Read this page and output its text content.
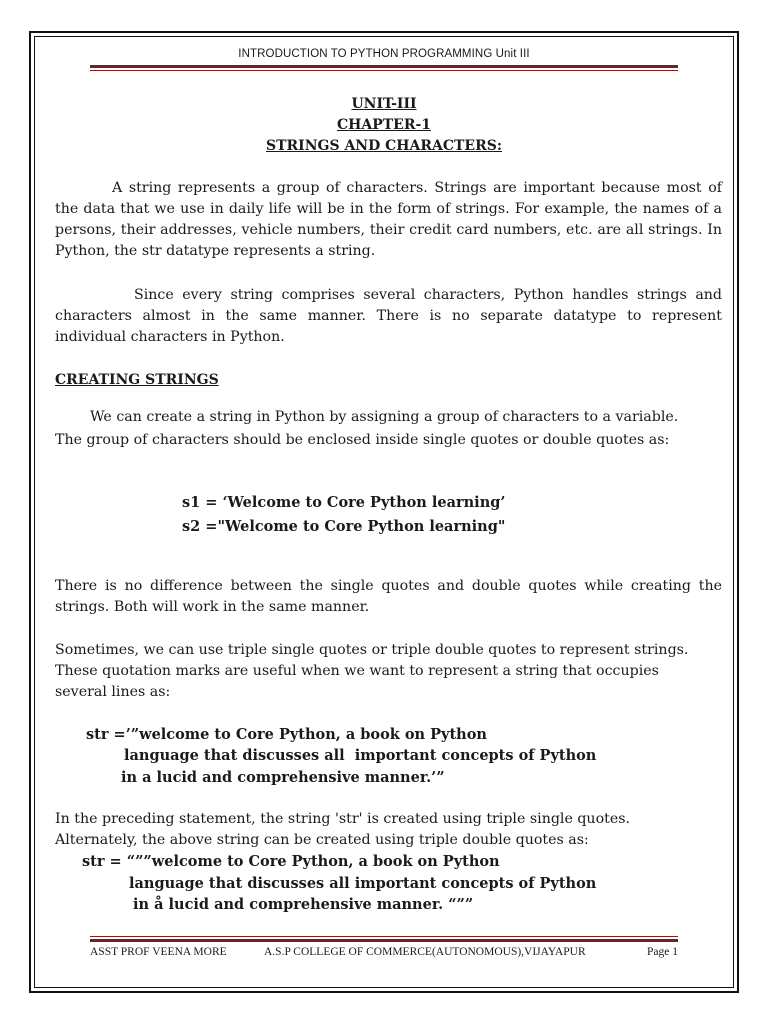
INTRODUCTION TO PYTHON PROGRAMMING Unit III
UNIT-III
CHAPTER-1
STRINGS AND CHARACTERS:
A string represents a group of characters. Strings are important because most of the data that we use in daily life will be in the form of strings. For example, the names of a persons, their addresses, vehicle numbers, their credit card numbers, etc. are all strings. In Python, the str datatype represents a string.
Since every string comprises several characters, Python handles strings and characters almost in the same manner. There is no separate datatype to represent individual characters in Python.
CREATING STRINGS
We can create a string in Python by assigning a group of characters to a variable.
The group of characters should be enclosed inside single quotes or double quotes as:
s1 = ‘Welcome to Core Python learning’
s2 ="Welcome to Core Python learning"
There is no difference between the single quotes and double quotes while creating the strings. Both will work in the same manner.
Sometimes, we can use triple single quotes or triple double quotes to represent strings.
These quotation marks are useful when we want to represent a string that occupies
several lines as:
str =’”welcome to Core Python, a book on Python
language that discusses all  important concepts of Python
in a lucid and comprehensive manner.’”
In the preceding statement, the string 'str' is created using triple single quotes.
Alternately, the above string can be created using triple double quotes as:
str = “””welcome to Core Python, a book on Python
language that discusses all important concepts of Python
in å lucid and comprehensive manner. “””
ASST PROF VEENA MORE	A.S.P COLLEGE OF COMMERCE(AUTONOMOUS),VIJAYAPUR	Page 1
